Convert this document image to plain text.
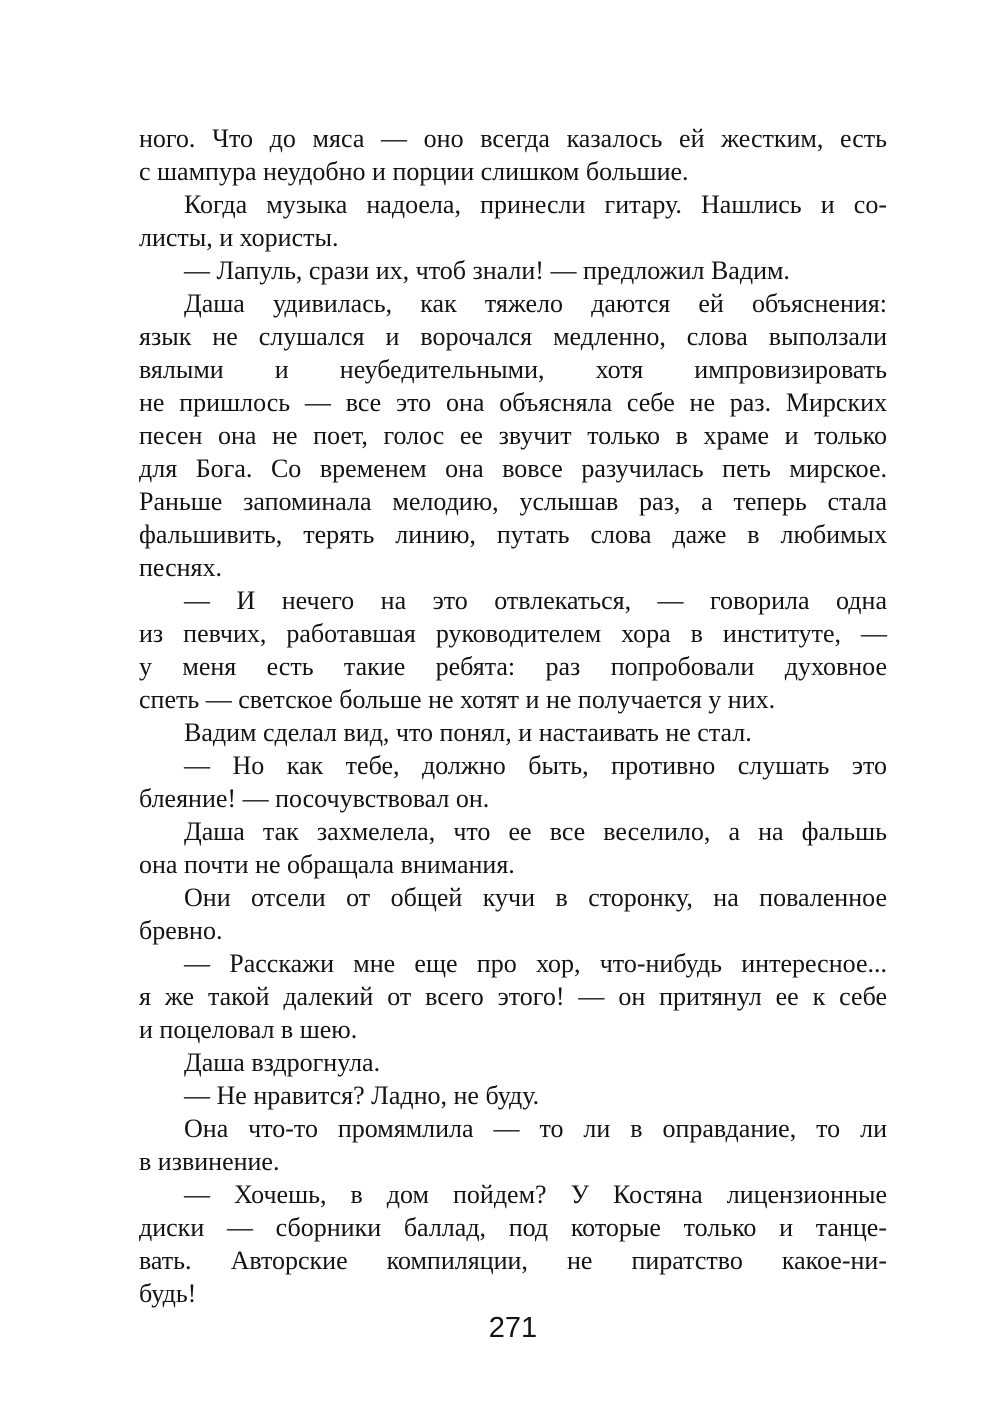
ного. Что до мяса — оно всегда казалось ей жестким, есть
с шампура неудобно и порции слишком большие.
Когда музыка надоела, принесли гитару. Нашлись и со-
листы, и хористы.
— Лапуль, срази их, чтоб знали! — предложил Вадим.
Даша удивилась, как тяжело даются ей объяснения:
язык не слушался и ворочался медленно, слова выползали
вялыми и неубедительными, хотя импровизировать
не пришлось — все это она объясняла себе не раз. Мирских
песен она не поет, голос ее звучит только в храме и только
для Бога. Со временем она вовсе разучилась петь мирское.
Раньше запоминала мелодию, услышав раз, а теперь стала
фальшивить, терять линию, путать слова даже в любимых
песнях.
— И нечего на это отвлекаться, — говорила одна
из певчих, работавшая руководителем хора в институте, —
у меня есть такие ребята: раз попробовали духовное
спеть — светское больше не хотят и не получается у них.
Вадим сделал вид, что понял, и настаивать не стал.
— Но как тебе, должно быть, противно слушать это
блеяние! — посочувствовал он.
Даша так захмелела, что ее все веселило, а на фальшь
она почти не обращала внимания.
Они отсели от общей кучи в сторонку, на поваленное
бревно.
— Расскажи мне еще про хор, что-нибудь интересное...
я же такой далекий от всего этого! — он притянул ее к себе
и поцеловал в шею.
Даша вздрогнула.
— Не нравится? Ладно, не буду.
Она что-то промямлила — то ли в оправдание, то ли
в извинение.
— Хочешь, в дом пойдем? У Костяна лицензионные
диски — сборники баллад, под которые только и танце-
вать. Авторские компиляции, не пиратство какое-ни-
будь!
271
